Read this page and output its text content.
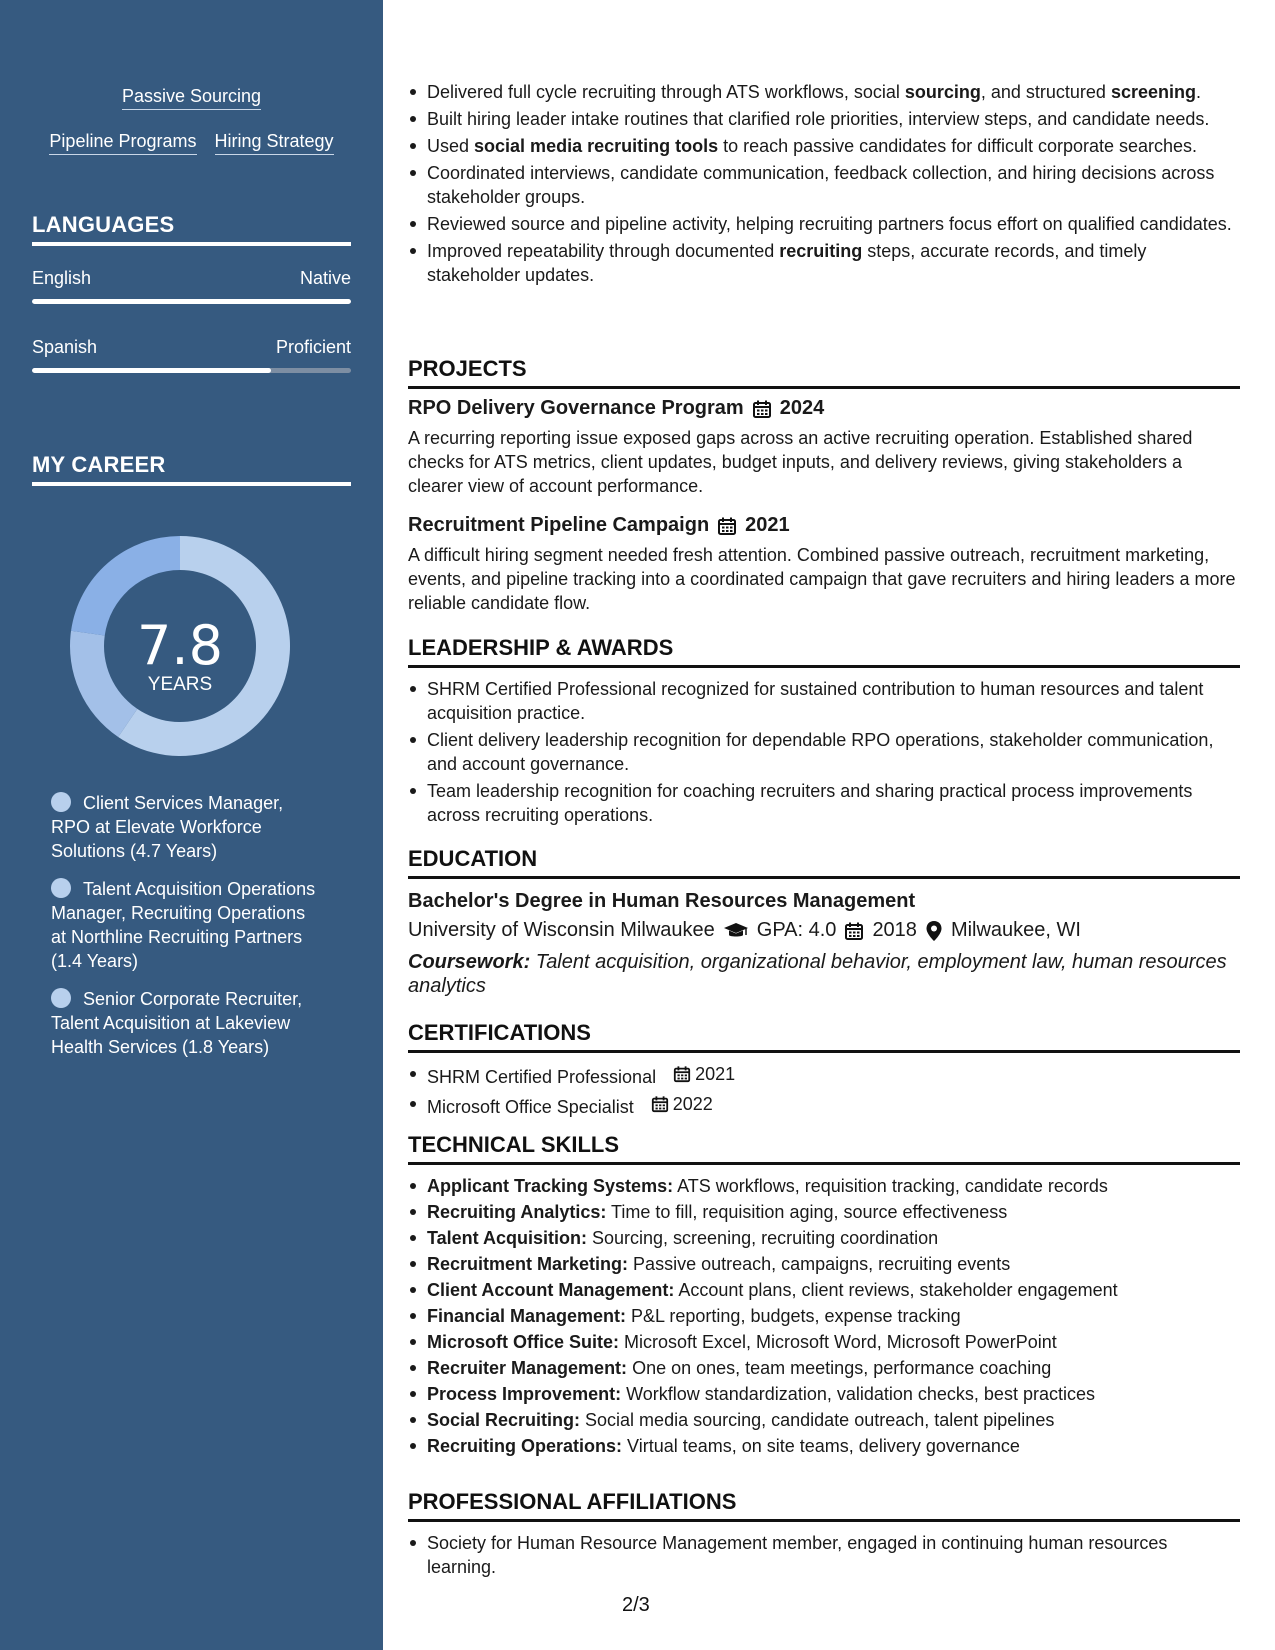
Passive Sourcing
Pipeline Programs Hiring Strategy
LANGUAGES
English	Native
Spanish	Proficient
MY CAREER
7.8
YEARS
Client Services Manager, RPO at Elevate Workforce Solutions (4.7 Years)
Talent Acquisition Operations Manager, Recruiting Operations at Northline Recruiting Partners (1.4 Years)
Senior Corporate Recruiter, Talent Acquisition at Lakeview Health Services (1.8 Years)
Delivered full cycle recruiting through ATS workflows, social sourcing, and structured screening.
Built hiring leader intake routines that clarified role priorities, interview steps, and candidate needs.
Used social media recruiting tools to reach passive candidates for difficult corporate searches.
Coordinated interviews, candidate communication, feedback collection, and hiring decisions across stakeholder groups.
Reviewed source and pipeline activity, helping recruiting partners focus effort on qualified candidates.
Improved repeatability through documented recruiting steps, accurate records, and timely stakeholder updates.
PROJECTS
RPO Delivery Governance Program 2024
A recurring reporting issue exposed gaps across an active recruiting operation. Established shared checks for ATS metrics, client updates, budget inputs, and delivery reviews, giving stakeholders a clearer view of account performance.
Recruitment Pipeline Campaign 2021
A difficult hiring segment needed fresh attention. Combined passive outreach, recruitment marketing, events, and pipeline tracking into a coordinated campaign that gave recruiters and hiring leaders a more reliable candidate flow.
LEADERSHIP & AWARDS
SHRM Certified Professional recognized for sustained contribution to human resources and talent acquisition practice.
Client delivery leadership recognition for dependable RPO operations, stakeholder communication, and account governance.
Team leadership recognition for coaching recruiters and sharing practical process improvements across recruiting operations.
EDUCATION
Bachelor's Degree in Human Resources Management
University of Wisconsin Milwaukee GPA: 4.0 2018 Milwaukee, WI
Coursework: Talent acquisition, organizational behavior, employment law, human resources analytics
CERTIFICATIONS
SHRM Certified Professional 2021
Microsoft Office Specialist 2022
TECHNICAL SKILLS
Applicant Tracking Systems: ATS workflows, requisition tracking, candidate records
Recruiting Analytics: Time to fill, requisition aging, source effectiveness
Talent Acquisition: Sourcing, screening, recruiting coordination
Recruitment Marketing: Passive outreach, campaigns, recruiting events
Client Account Management: Account plans, client reviews, stakeholder engagement
Financial Management: P&L reporting, budgets, expense tracking
Microsoft Office Suite: Microsoft Excel, Microsoft Word, Microsoft PowerPoint
Recruiter Management: One on ones, team meetings, performance coaching
Process Improvement: Workflow standardization, validation checks, best practices
Social Recruiting: Social media sourcing, candidate outreach, talent pipelines
Recruiting Operations: Virtual teams, on site teams, delivery governance
PROFESSIONAL AFFILIATIONS
Society for Human Resource Management member, engaged in continuing human resources learning.
2/3
